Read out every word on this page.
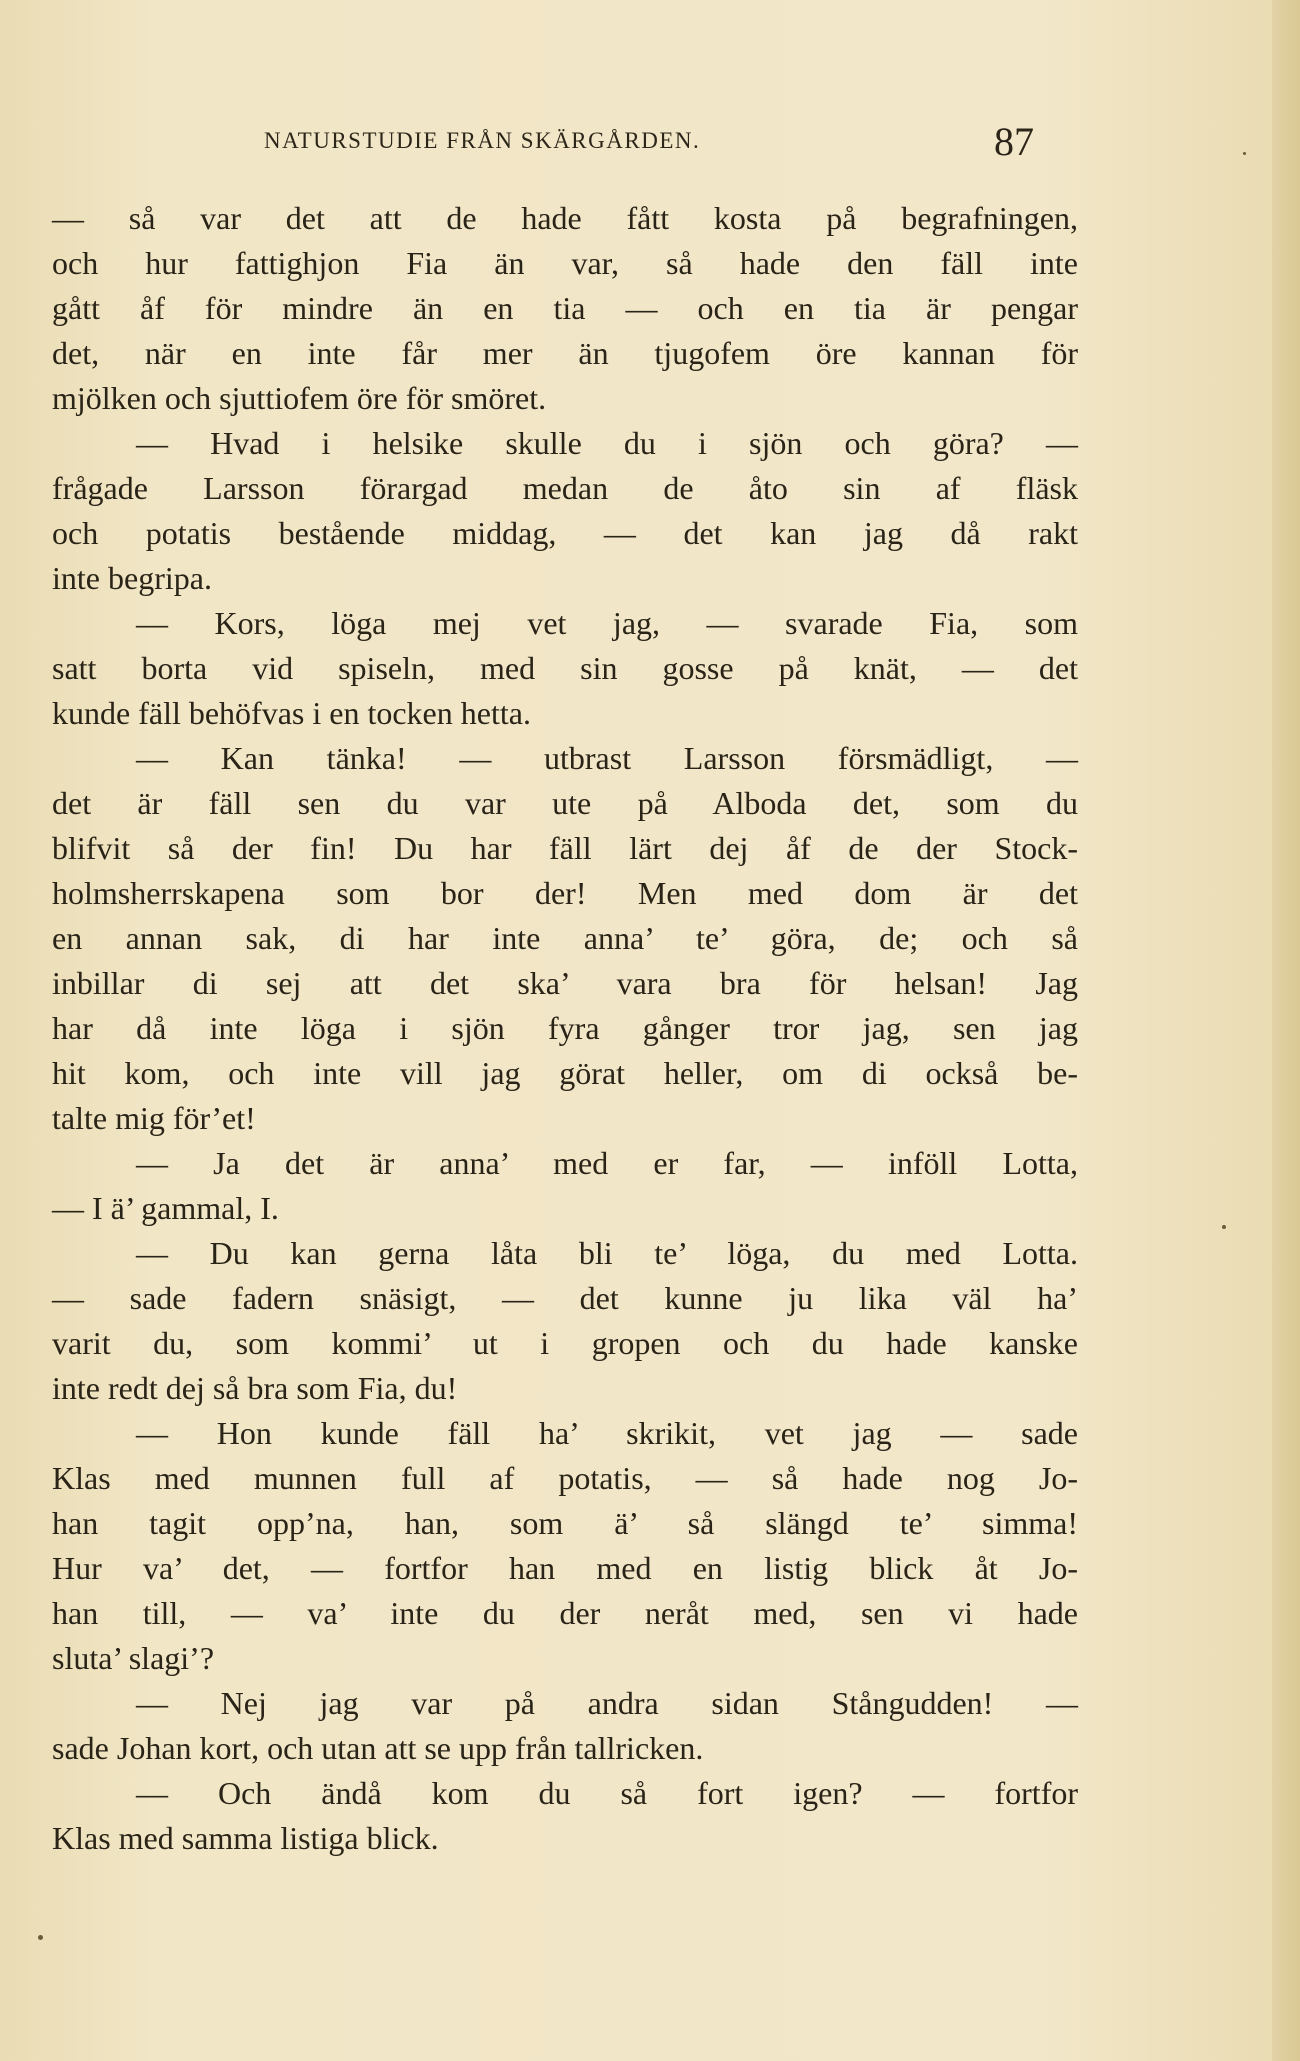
NATURSTUDIE FRÅN SKÄRGÅRDEN.	87
— så var det att de hade fått kosta på begrafningen,
och hur fattighjon Fia än var, så hade den fäll inte
gått åf för mindre än en tia — och en tia är pengar
det, när en inte får mer än tjugofem öre kannan för
mjölken och sjuttiofem öre för smöret.
— Hvad i helsike skulle du i sjön och göra? —
frågade Larsson förargad medan de åto sin af fläsk
och potatis bestående middag, — det kan jag då rakt
inte begripa.
— Kors, löga mej vet jag, — svarade Fia, som
satt borta vid spiseln, med sin gosse på knät, — det
kunde fäll behöfvas i en tocken hetta.
— Kan tänka! — utbrast Larsson försmädligt, —
det är fäll sen du var ute på Alboda det, som du
blifvit så der fin! Du har fäll lärt dej åf de der Stock-
holmsherrskapena som bor der! Men med dom är det
en annan sak, di har inte anna’ te’ göra, de; och så
inbillar di sej att det ska’ vara bra för helsan! Jag
har då inte löga i sjön fyra gånger tror jag, sen jag
hit kom, och inte vill jag görat heller, om di också be-
talte mig för’et!
— Ja det är anna’ med er far, — inföll Lotta,
— I ä’ gammal, I.
— Du kan gerna låta bli te’ löga, du med Lotta.
— sade fadern snäsigt, — det kunne ju lika väl ha’
varit du, som kommi’ ut i gropen och du hade kanske
inte redt dej så bra som Fia, du!
— Hon kunde fäll ha’ skrikit, vet jag — sade
Klas med munnen full af potatis, — så hade nog Jo-
han tagit opp’na, han, som ä’ så slängd te’ simma!
Hur va’ det, — fortfor han med en listig blick åt Jo-
han till, — va’ inte du der neråt med, sen vi hade
sluta’ slagi’?
— Nej jag var på andra sidan Stångudden! —
sade Johan kort, och utan att se upp från tallricken.
— Och ändå kom du så fort igen? — fortfor
Klas med samma listiga blick.
